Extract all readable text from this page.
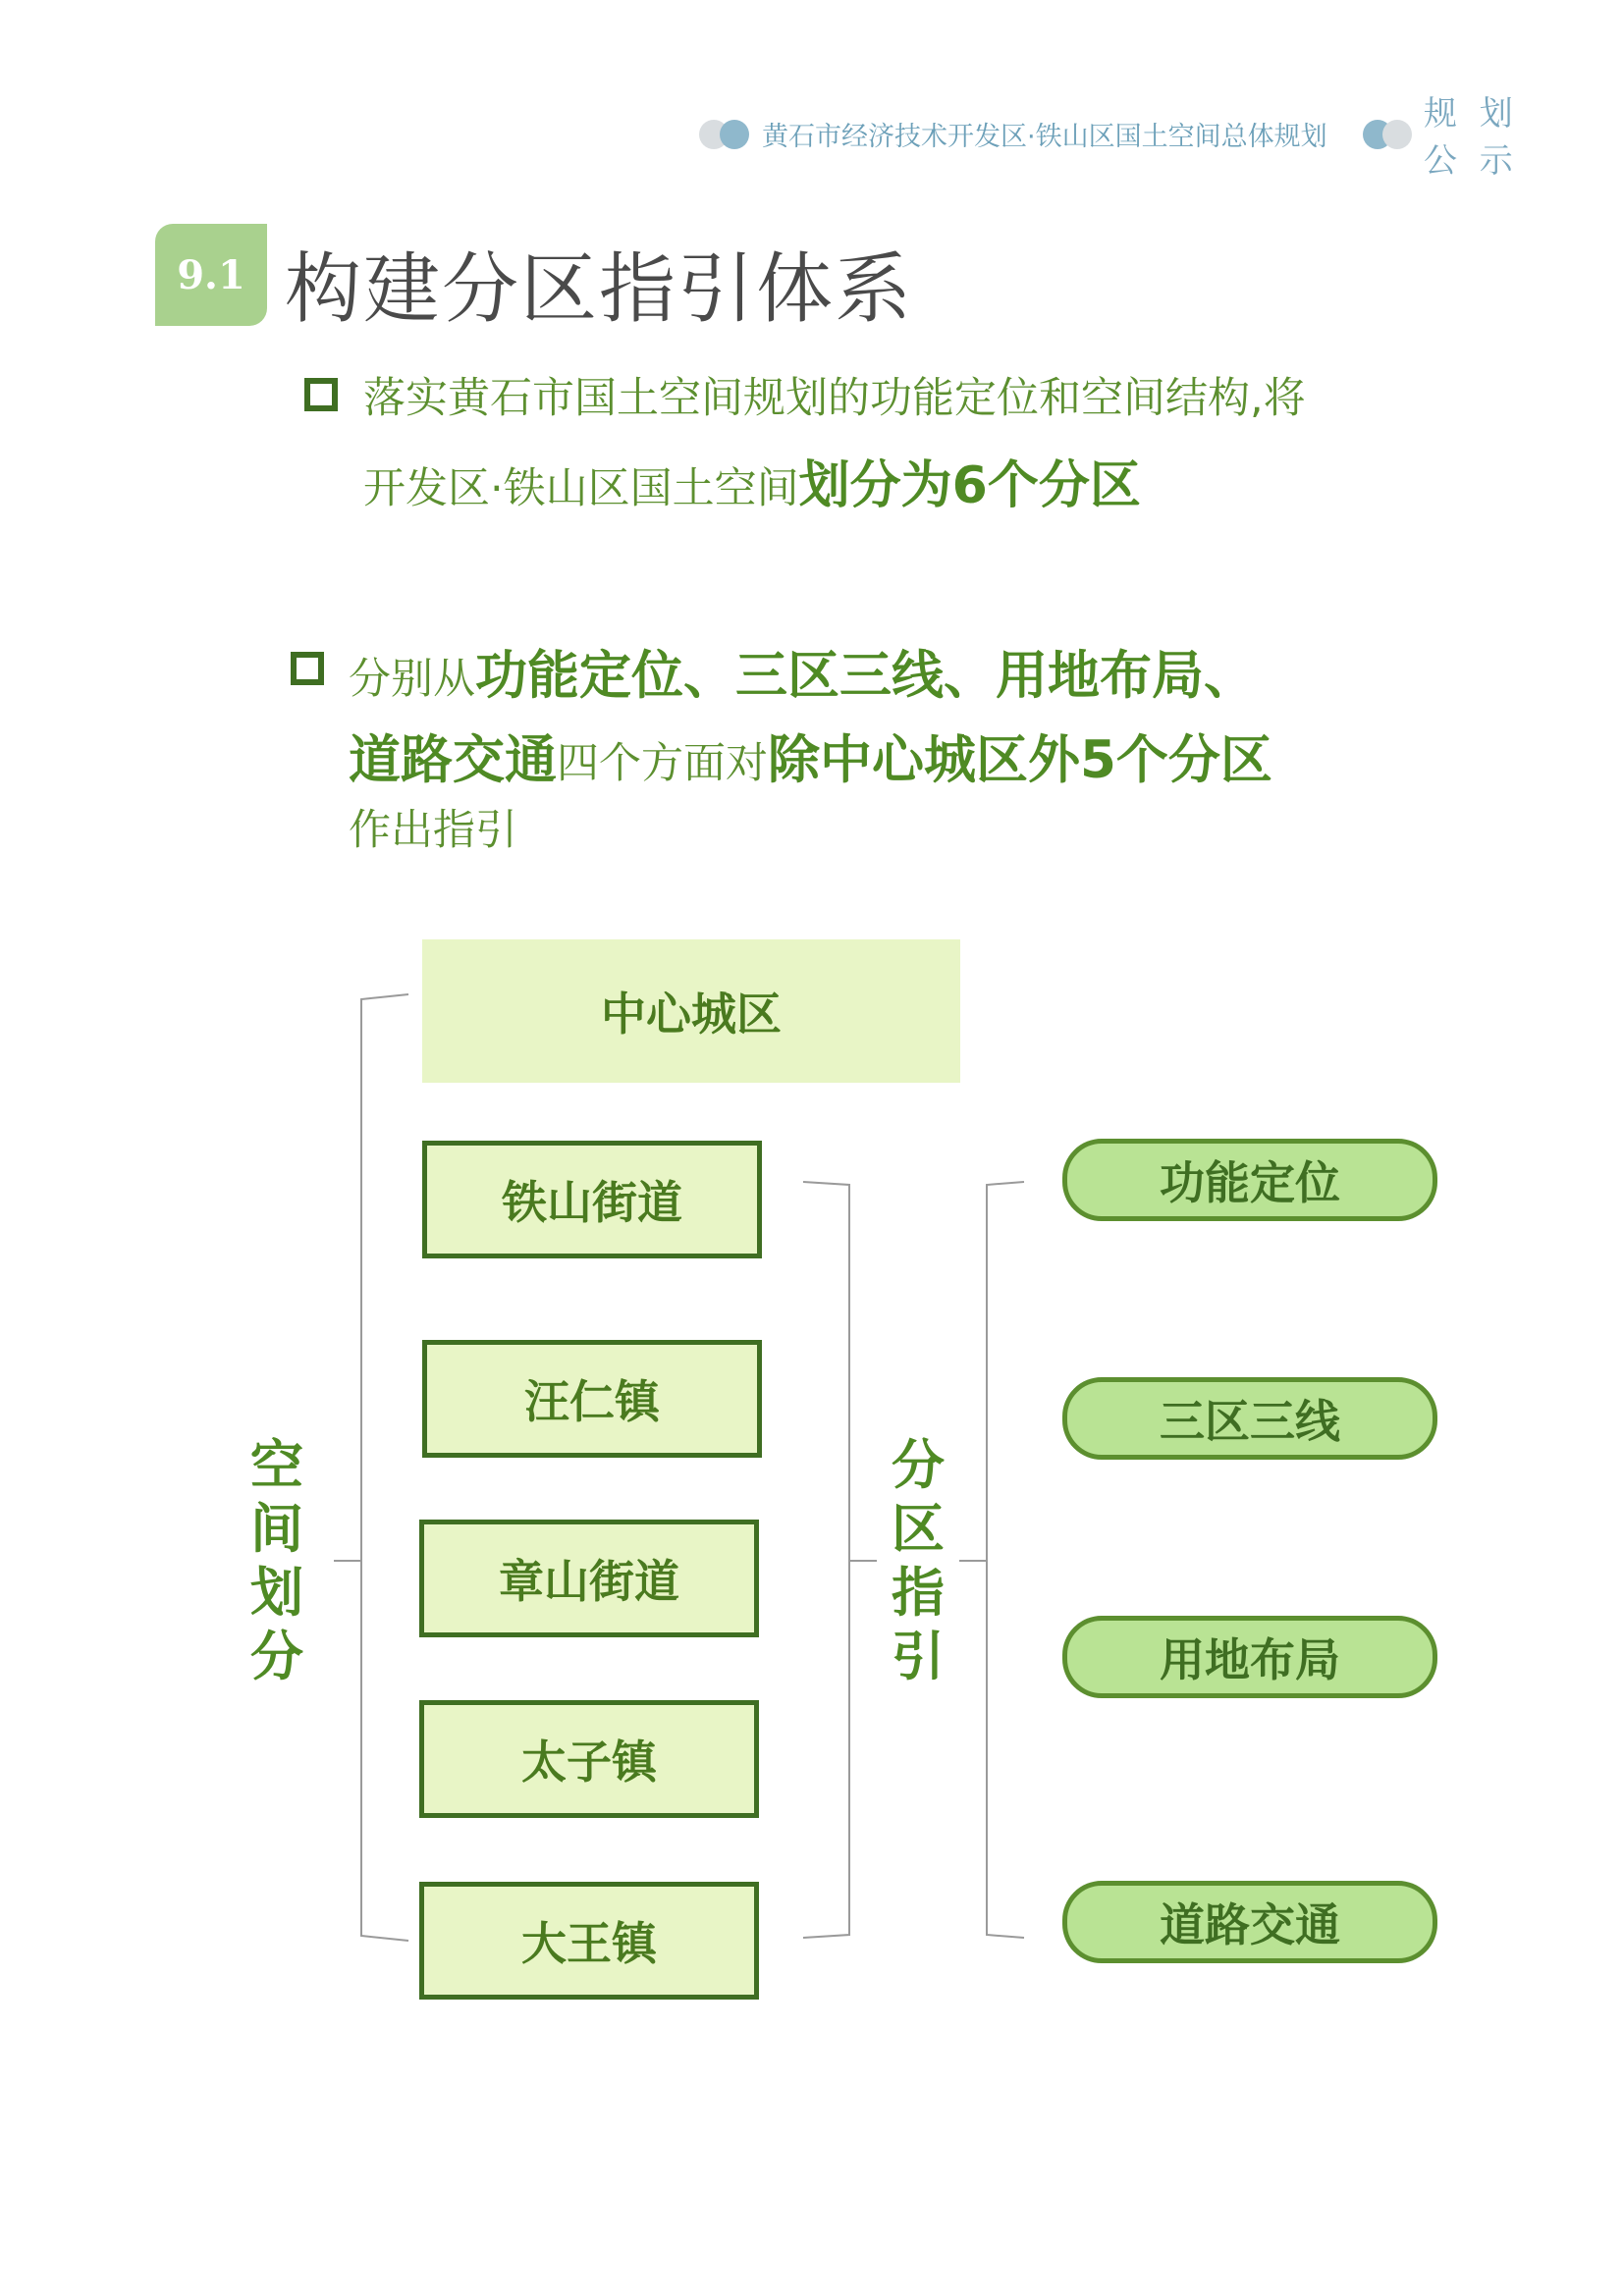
黄石市经济技术开发区·铁山区国土空间总体规划
规 划
公 示
9.1 构建分区指引体系
落实黄石市国土空间规划的功能定位和空间结构,将
开发区·铁山区国土空间划分为6个分区
分别从功能定位、三区三线、用地布局、
道路交通四个方面对除中心城区外5个分区
作出指引
空
间
划
分
中心城区
铁山街道
汪仁镇
章山街道
太子镇
大王镇
分
区
指
引
功能定位
三区三线
用地布局
道路交通
